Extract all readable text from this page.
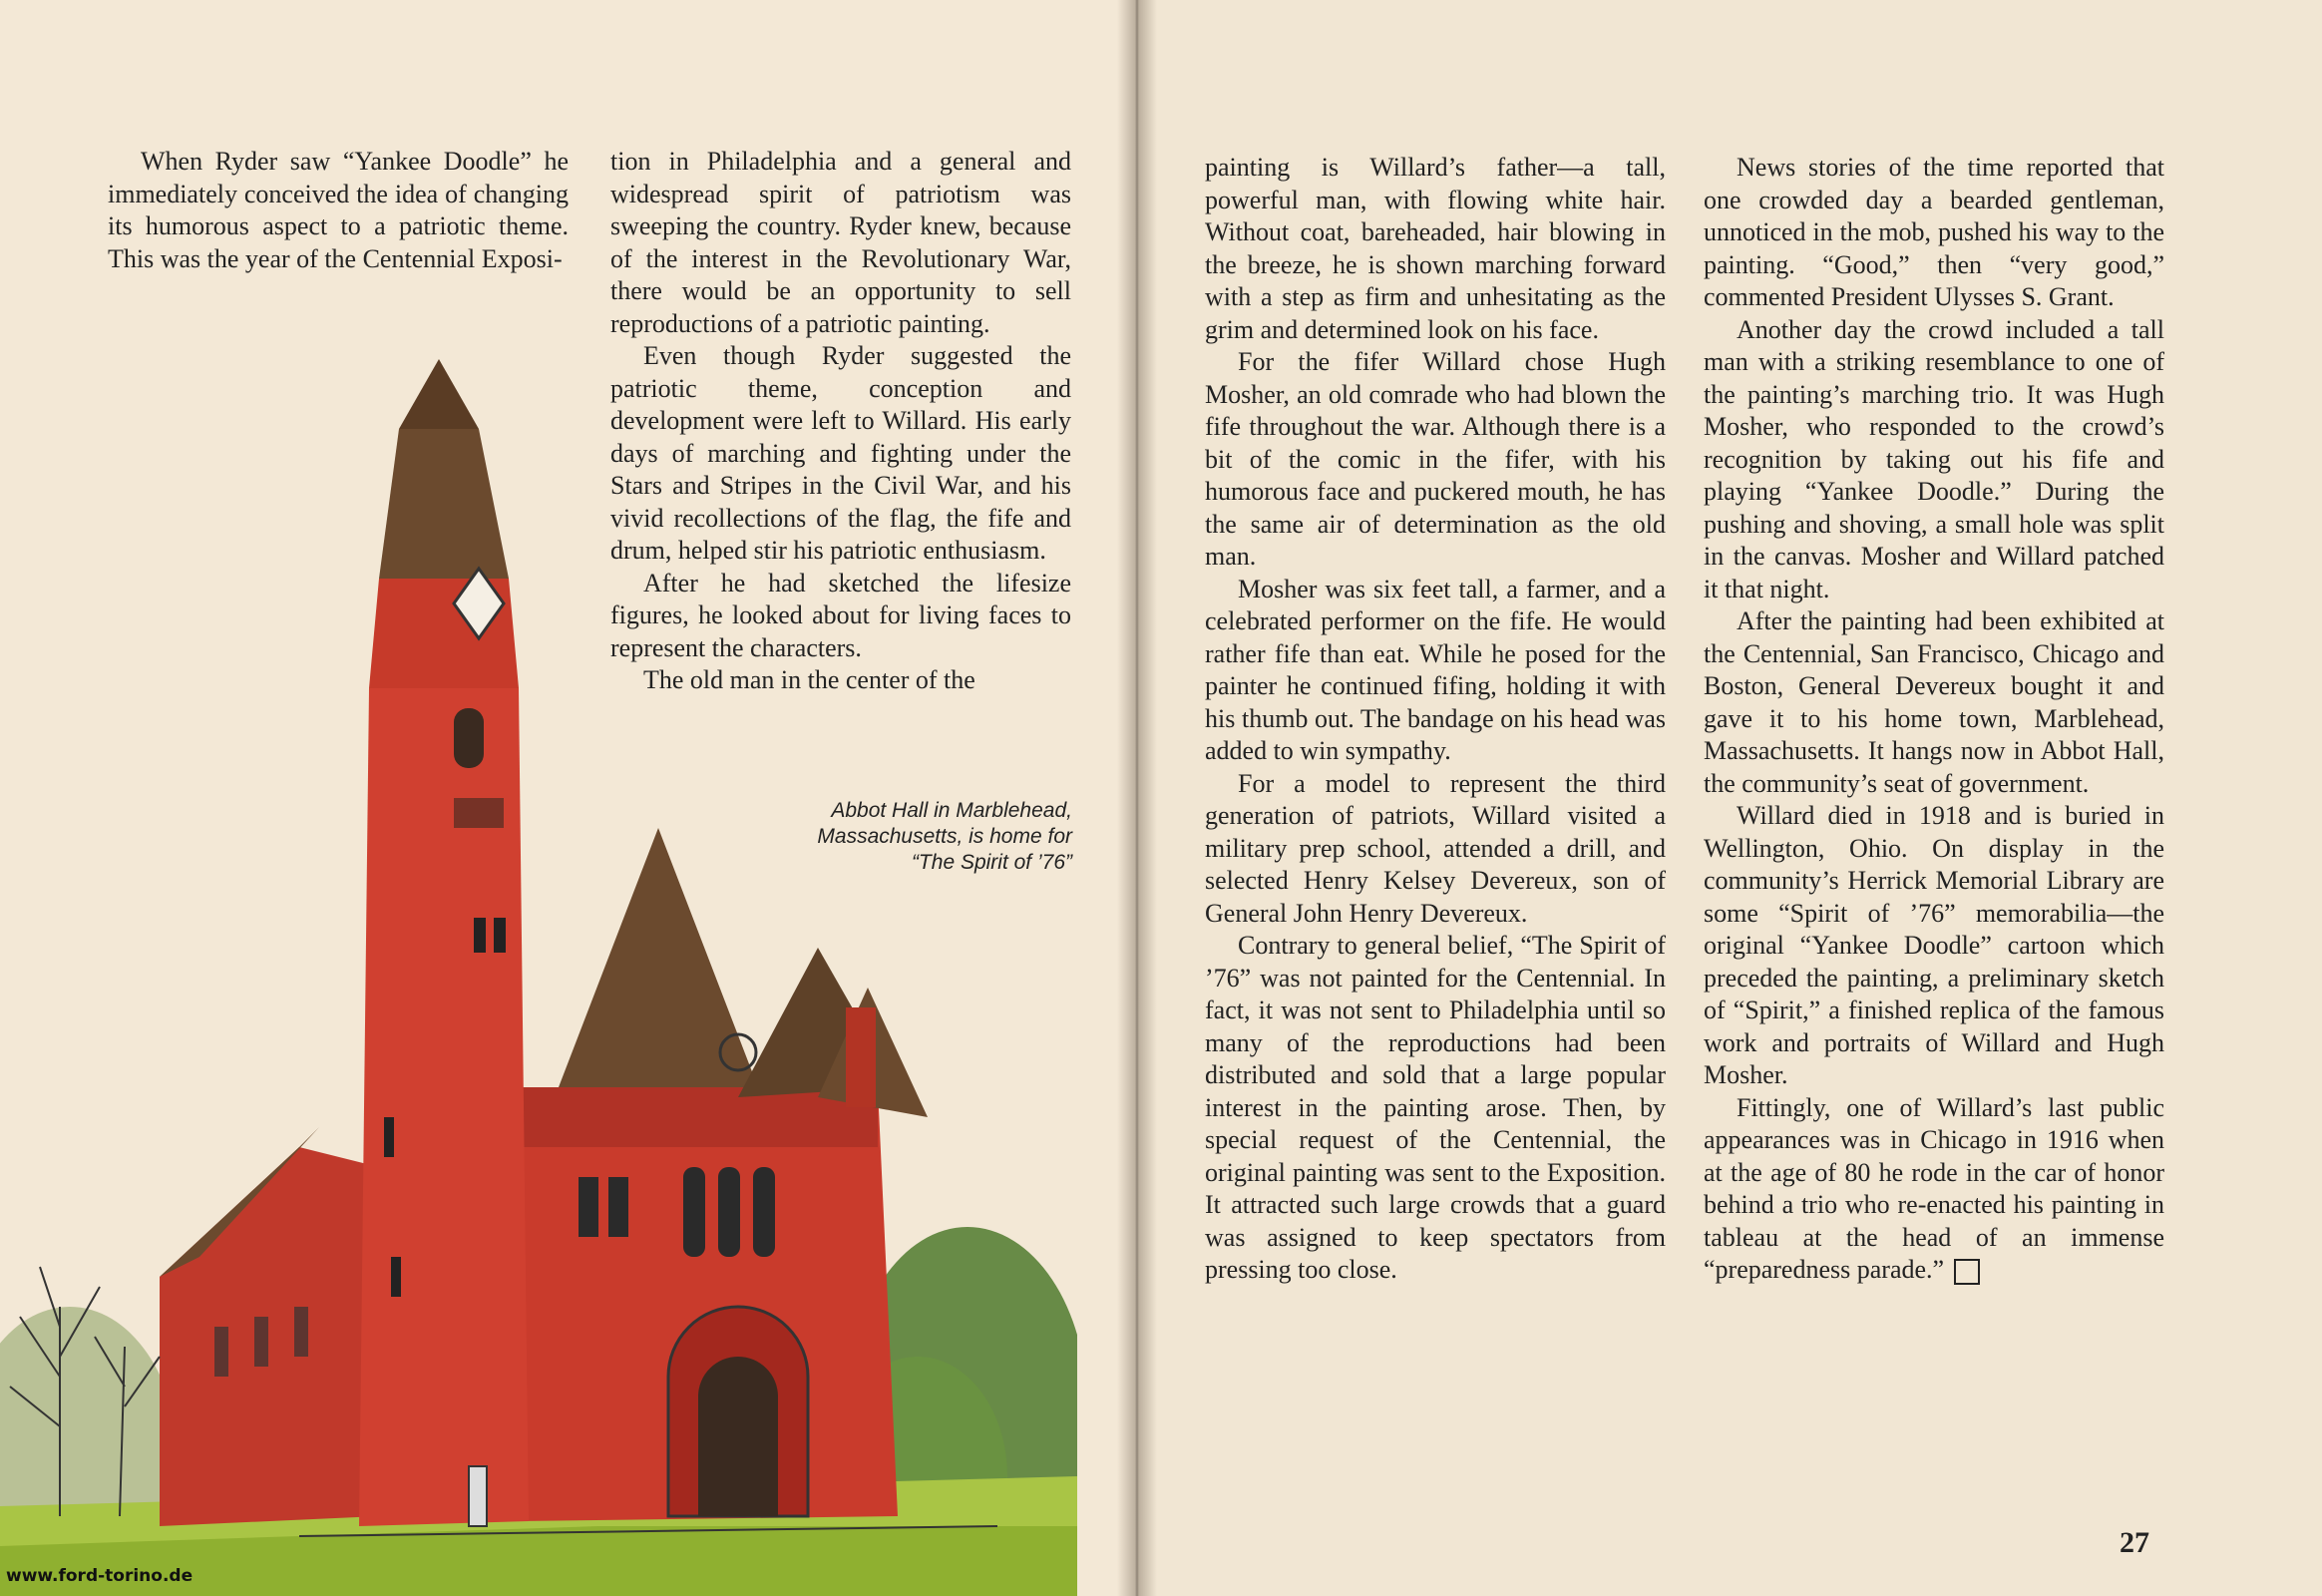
When Ryder saw “Yankee Doodle” he immediately conceived the idea of changing its humorous aspect to a patriotic theme. This was the year of the Centennial Exposi-

tion in Philadelphia and a general and widespread spirit of patriotism was sweeping the country. Ryder knew, because of the interest in the Revolutionary War, there would be an opportunity to sell reproductions of a patriotic painting.

Even though Ryder suggested the patriotic theme, conception and development were left to Willard. His early days of marching and fighting under the Stars and Stripes in the Civil War, and his vivid recollections of the flag, the fife and drum, helped stir his patriotic enthusiasm.

After he had sketched the lifesize figures, he looked about for living faces to represent the characters.

The old man in the center of the

Abbot Hall in Marblehead,
Massachusetts, is home for
“The Spirit of ’76”
www.ford-torino.de

painting is Willard’s father—a tall, powerful man, with flowing white hair. Without coat, bareheaded, hair blowing in the breeze, he is shown marching forward with a step as firm and unhesitating as the grim and determined look on his face.

For the fifer Willard chose Hugh Mosher, an old comrade who had blown the fife throughout the war. Although there is a bit of the comic in the fifer, with his humorous face and puckered mouth, he has the same air of determination as the old man.

Mosher was six feet tall, a farmer, and a celebrated performer on the fife. He would rather fife than eat. While he posed for the painter he continued fifing, holding it with his thumb out. The bandage on his head was added to win sympathy.

For a model to represent the third generation of patriots, Willard visited a military prep school, attended a drill, and selected Henry Kelsey Devereux, son of General John Henry Devereux.

Contrary to general belief, “The Spirit of ’76” was not painted for the Centennial. In fact, it was not sent to Philadelphia until so many of the reproductions had been distributed and sold that a large popular interest in the painting arose. Then, by special request of the Centennial, the original painting was sent to the Exposition. It attracted such large crowds that a guard was assigned to keep spectators from pressing too close.

News stories of the time reported that one crowded day a bearded gentleman, unnoticed in the mob, pushed his way to the painting. “Good,” then “very good,” commented President Ulysses S. Grant.

Another day the crowd included a tall man with a striking resemblance to one of the painting’s marching trio. It was Hugh Mosher, who responded to the crowd’s recognition by taking out his fife and playing “Yankee Doodle.” During the pushing and shoving, a small hole was split in the canvas. Mosher and Willard patched it that night.

After the painting had been exhibited at the Centennial, San Francisco, Chicago and Boston, General Devereux bought it and gave it to his home town, Marblehead, Massachusetts. It hangs now in Abbot Hall, the community’s seat of government.

Willard died in 1918 and is buried in Wellington, Ohio. On display in the community’s Herrick Memorial Library are some “Spirit of ’76” memorabilia—the original “Yankee Doodle” cartoon which preceded the painting, a preliminary sketch of “Spirit,” a finished replica of the famous work and portraits of Willard and Hugh Mosher.

Fittingly, one of Willard’s last public appearances was in Chicago in 1916 when at the age of 80 he rode in the car of honor behind a trio who re-enacted his painting in tableau at the head of an immense “preparedness parade.”

27
